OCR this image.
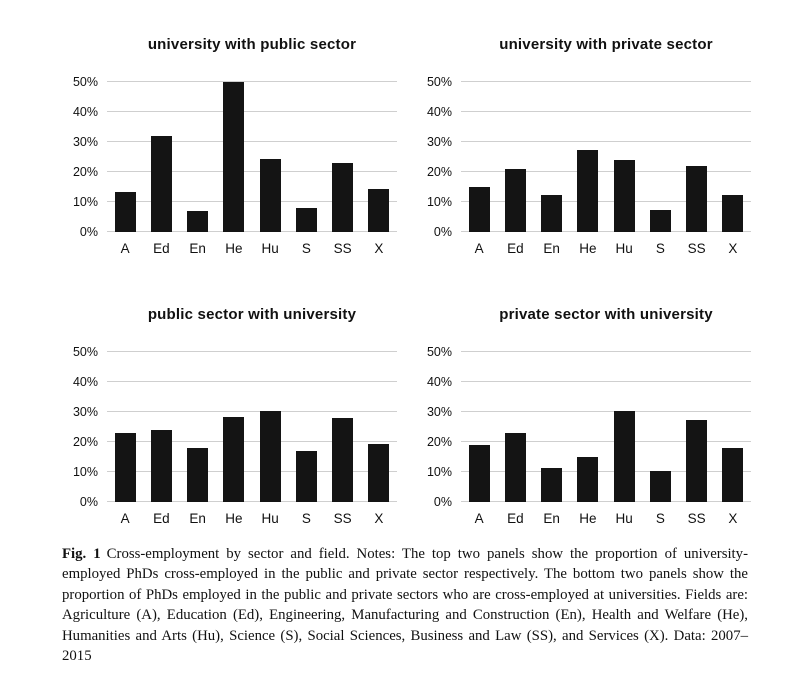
university with public sector
0%
10%
20%
30%
40%
50%
A	Ed	En	He	Hu	S	SS	X
university with private sector
0%
10%
20%
30%
40%
50%
A	Ed	En	He	Hu	S	SS	X
public sector with university
0%
10%
20%
30%
40%
50%
A	Ed	En	He	Hu	S	SS	X
private sector with university
0%
10%
20%
30%
40%
50%
A	Ed	En	He	Hu	S	SS	X

Fig. 1 Cross-employment by sector and field. Notes: The top two panels show the proportion of university-employed PhDs cross-employed in the public and private sector respectively. The bottom two panels show the proportion of PhDs employed in the public and private sectors who are cross-employed at universities. Fields are: Agriculture (A), Education (Ed), Engineering, Manufacturing and Construction (En), Health and Welfare (He), Humanities and Arts (Hu), Science (S), Social Sciences, Business and Law (SS), and Services (X). Data: 2007–2015
